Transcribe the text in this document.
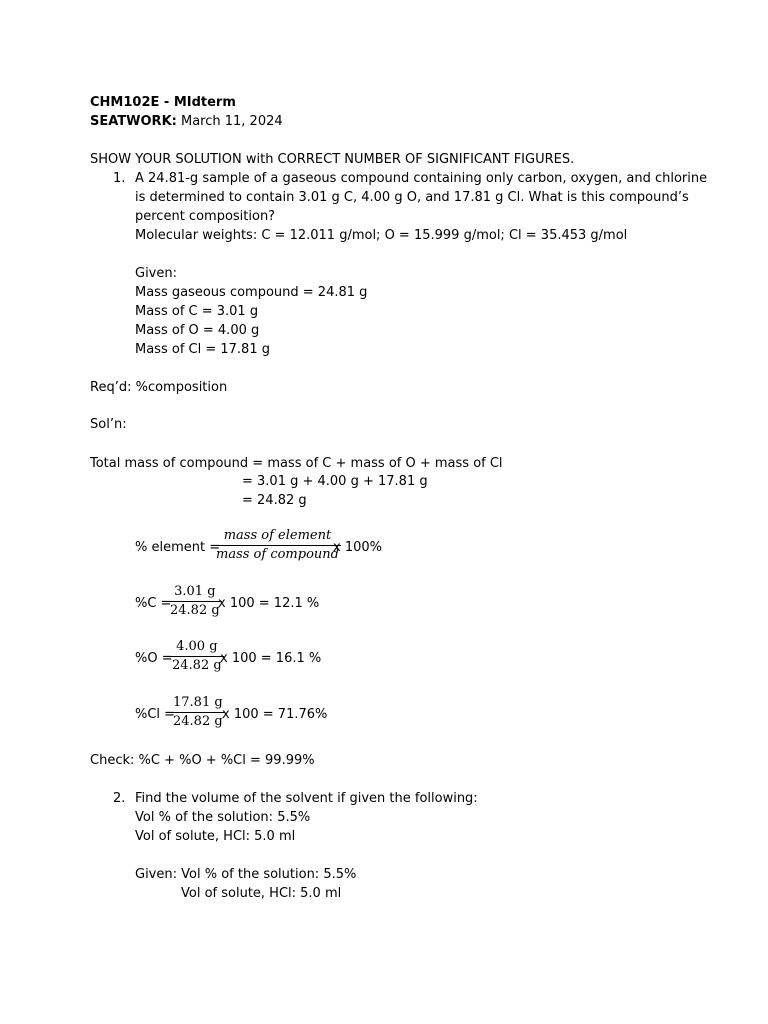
CHM102E - MIdterm
SEATWORK: March 11, 2024
SHOW YOUR SOLUTION with CORRECT NUMBER OF SIGNIFICANT FIGURES.
1. A 24.81-g sample of a gaseous compound containing only carbon, oxygen, and chlorine
is determined to contain 3.01 g C, 4.00 g O, and 17.81 g Cl. What is this compound’s
percent composition?
Molecular weights: C = 12.011 g/mol; O = 15.999 g/mol; Cl = 35.453 g/mol
Given:
Mass gaseous compound = 24.81 g
Mass of C = 3.01 g
Mass of O = 4.00 g
Mass of Cl = 17.81 g
Req’d: %composition
Sol’n:
Total mass of compound = mass of C + mass of O + mass of Cl
= 3.01 g + 4.00 g + 17.81 g
= 24.82 g
% element =
mass of element
mass of compound
x 100%
%C =
3.01 g
24.82 g
x 100 = 12.1 %
%O =
4.00 g
24.82 g
x 100 = 16.1 %
%Cl =
17.81 g
24.82 g x 100 = 71.76%
Check: %C + %O + %Cl = 99.99%
2. Find the volume of the solvent if given the following:
Vol % of the solution: 5.5%
Vol of solute, HCl: 5.0 ml
Given: Vol % of the solution: 5.5%
Vol of solute, HCl: 5.0 ml
